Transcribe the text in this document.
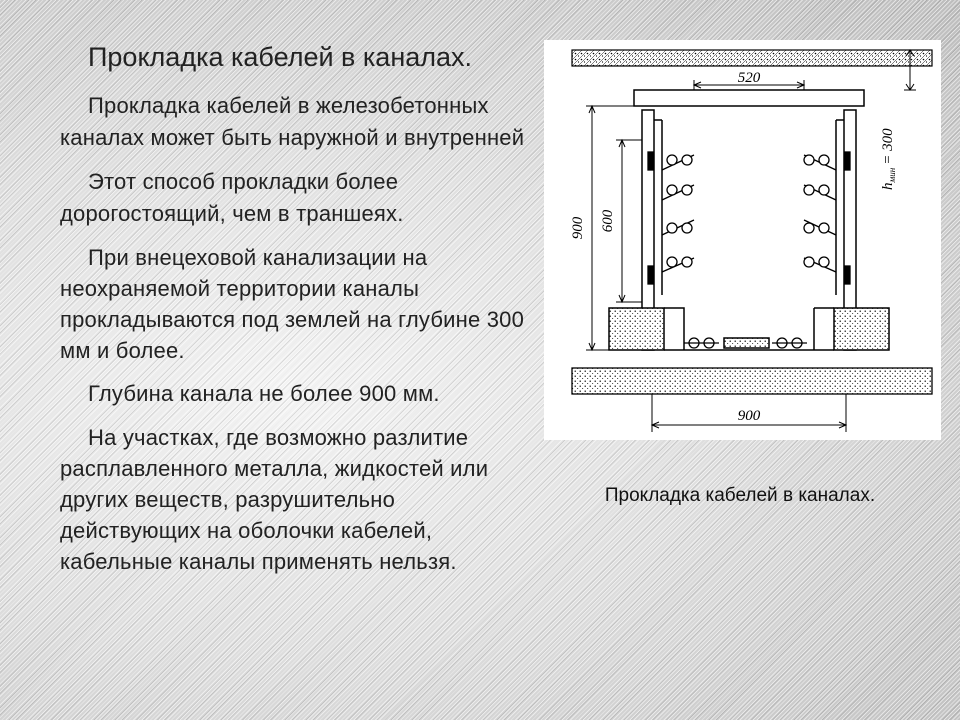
Прокладка кабелей в каналах.

Прокладка кабелей в железобетонных каналах может быть наружной и внутренней

Этот способ прокладки более дорогостоящий, чем в траншеях.

При внецеховой канализации на неохраняемой территории каналы прокладываются под землей на глубине 300 мм и более.

Глубина канала не более 900 мм.

На участках, где возможно разлитие расплавленного металла, жидкостей или других веществ, разрушительно действующих на оболочки кабелей, кабельные каналы применять нельзя.

$h_{мин}= 300$
520
900 600
900
Прокладка кабелей в каналах.
